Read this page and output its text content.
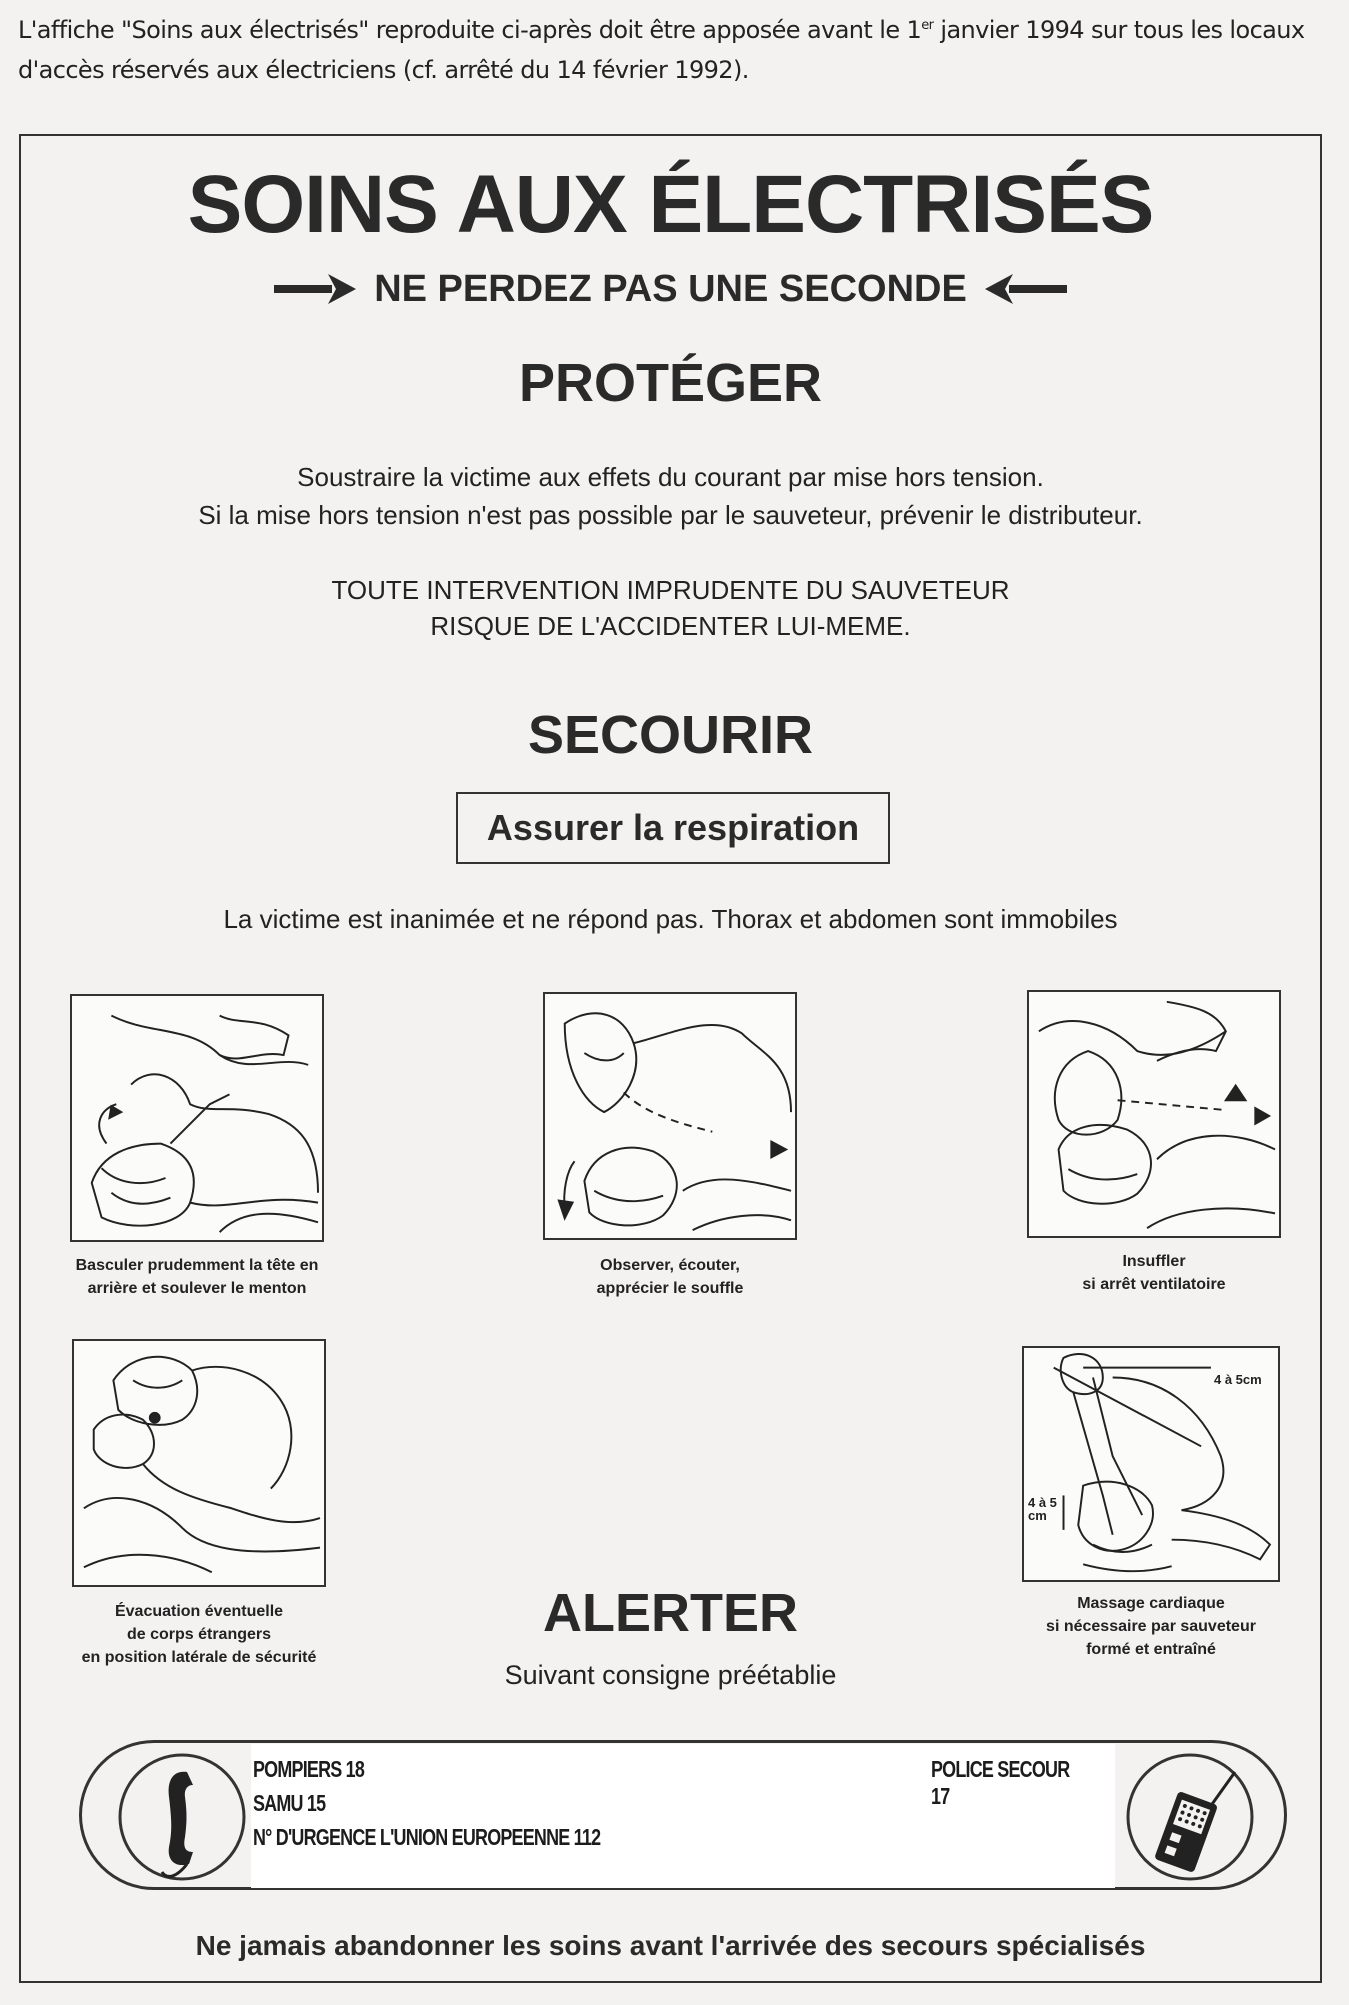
L'affiche "Soins aux électrisés" reproduite ci-après doit être apposée avant le 1er janvier 1994 sur tous les locaux
d'accès réservés aux électriciens (cf. arrêté du 14 février 1992).
SOINS AUX ÉLECTRISÉS
NE PERDEZ PAS UNE SECONDE
PROTÉGER
Soustraire la victime aux effets du courant par mise hors tension.
Si la mise hors tension n'est pas possible par le sauveteur, prévenir le distributeur.
TOUTE INTERVENTION IMPRUDENTE DU SAUVETEUR
RISQUE DE L'ACCIDENTER LUI-MEME.
SECOURIR
Assurer la respiration
La victime est inanimée et ne répond pas. Thorax et abdomen sont immobiles
Basculer prudemment la tête en
arrière et soulever le menton
Observer, écouter,
apprécier le souffle
Insuffler
si arrêt ventilatoire
Évacuation éventuelle
de corps étrangers
en position latérale de sécurité
4 à 5cm
4 à 5
cm
Massage cardiaque
si nécessaire par sauveteur
formé et entraîné
ALERTER
Suivant consigne préétablie
POMPIERS 18	POLICE SECOUR 17
SAMU 15
N° D'URGENCE L'UNION EUROPEENNE 112
Ne jamais abandonner les soins avant l'arrivée des secours spécialisés
